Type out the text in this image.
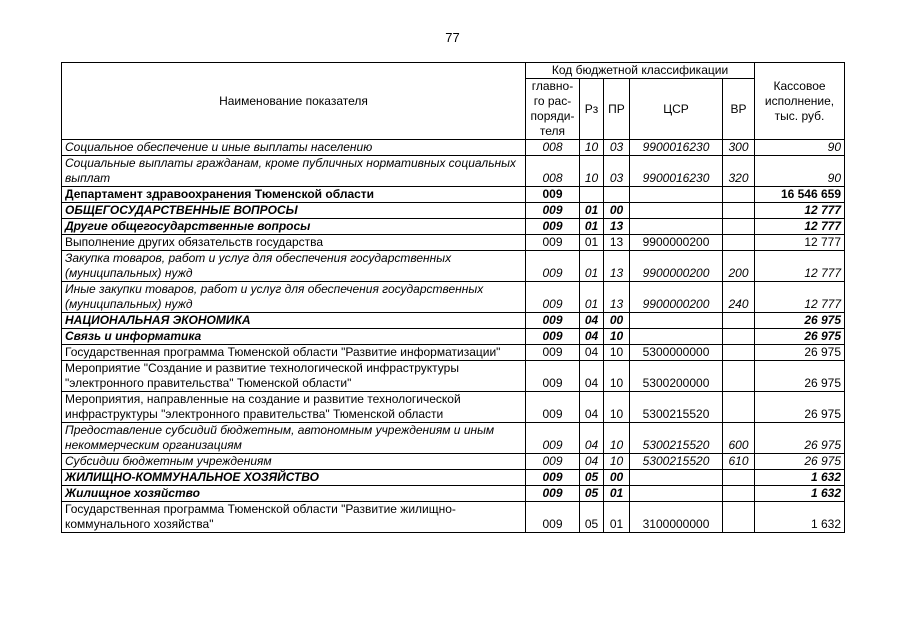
77
Наименование показателя	Код бюджетной классификации					Кассовое исполнение, тыс. руб.
	главно-го рас-поряди-теля	Рз	ПР	ЦСР	ВР	
Социальное обеспечение и иные выплаты населению	008	10	03	9900016230	300	90
Социальные выплаты гражданам, кроме публичных нормативных социальных выплат	008	10	03	9900016230	320	90
Департамент здравоохранения Тюменской области	009					16 546 659
ОБЩЕГОСУДАРСТВЕННЫЕ ВОПРОСЫ	009	01	00			12 777
Другие общегосударственные вопросы	009	01	13			12 777
Выполнение других обязательств государства	009	01	13	9900000200		12 777
Закупка товаров, работ и услуг для обеспечения государственных (муниципальных) нужд	009	01	13	9900000200	200	12 777
Иные закупки товаров, работ и услуг для обеспечения государственных (муниципальных) нужд	009	01	13	9900000200	240	12 777
НАЦИОНАЛЬНАЯ ЭКОНОМИКА	009	04	00			26 975
Связь и информатика	009	04	10			26 975
Государственная программа Тюменской области "Развитие информатизации"	009	04	10	5300000000		26 975
Мероприятие "Создание и развитие технологической инфраструктуры "электронного правительства" Тюменской области"	009	04	10	5300200000		26 975
Мероприятия, направленные на создание и развитие технологической инфраструктуры "электронного правительства" Тюменской области	009	04	10	5300215520		26 975
Предоставление субсидий бюджетным, автономным учреждениям и иным некоммерческим организациям	009	04	10	5300215520	600	26 975
Субсидии бюджетным учреждениям	009	04	10	5300215520	610	26 975
ЖИЛИЩНО-КОММУНАЛЬНОЕ ХОЗЯЙСТВО	009	05	00			1 632
Жилищное хозяйство	009	05	01			1 632
Государственная программа Тюменской области "Развитие жилищно-коммунального хозяйства"	009	05	01	3100000000		1 632
